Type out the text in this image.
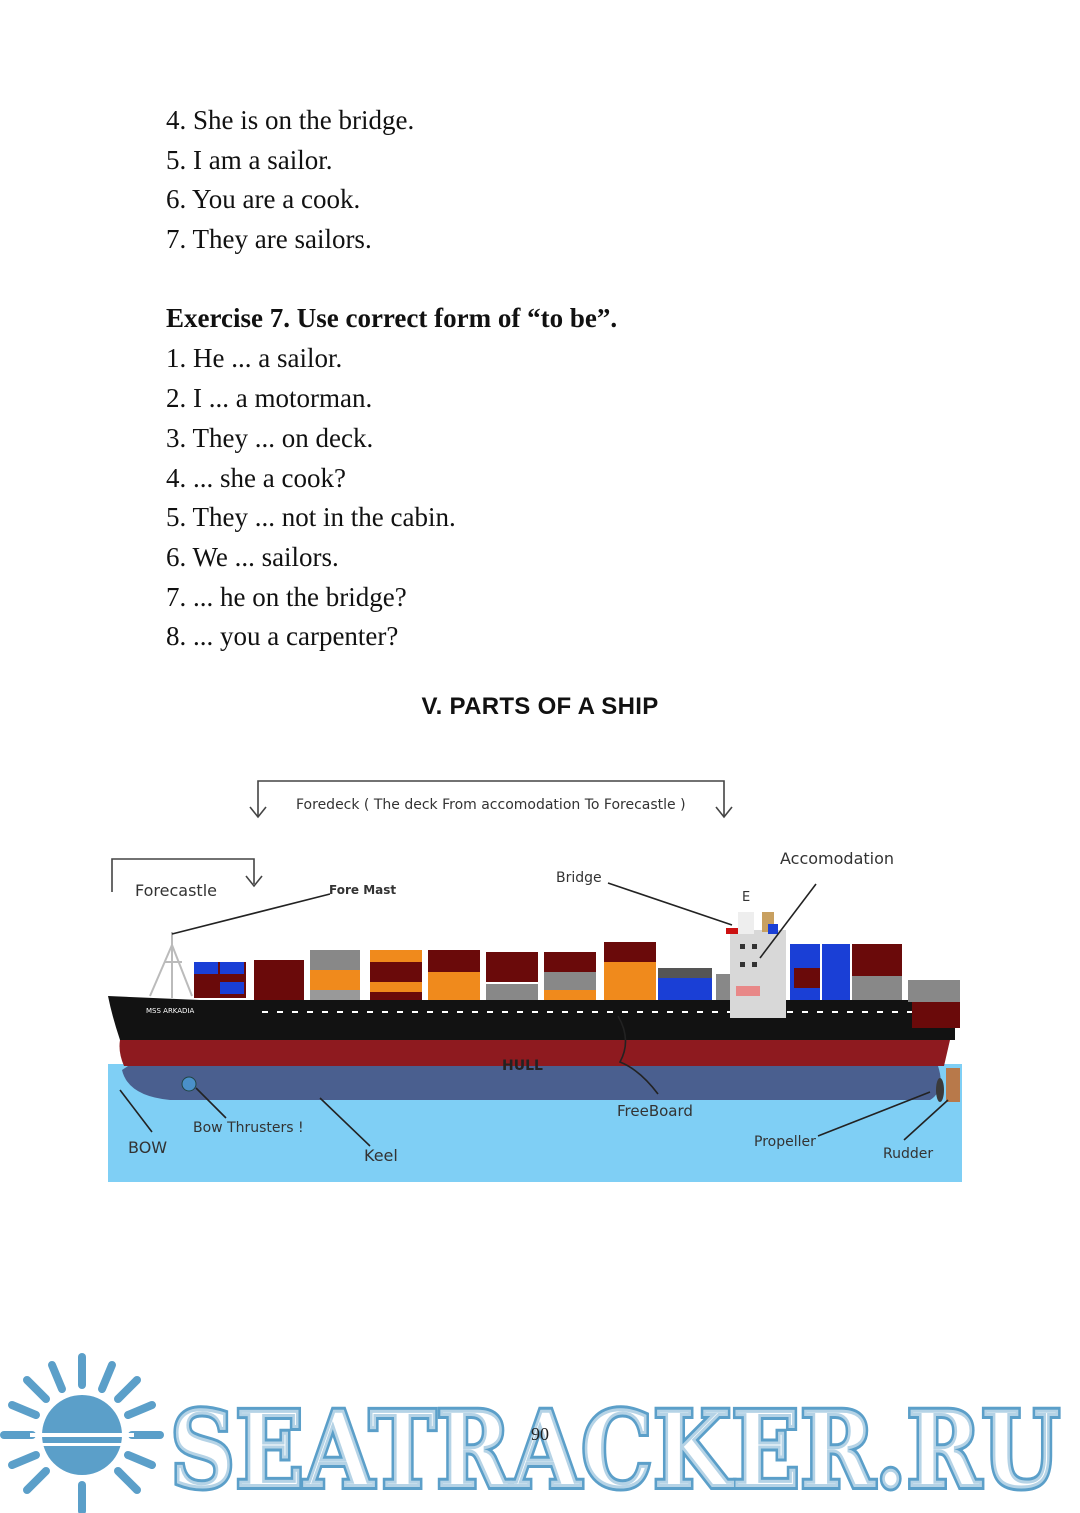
4. She is on the bridge.

5. I am a sailor.

6. You are a cook.

7. They are sailors.

Exercise 7. Use correct form of “to be”.

1. He ... a sailor.

2. I ... a motorman.

3. They ... on deck.

4. ... she a cook?

5. They ... not in the cabin.

6. We ... sailors.

7. ... he on the bridge?

8. ... you a carpenter?

V. PARTS OF A SHIP
Foredeck ( The deck From accomodation To Forecastle )
Forecastle	Fore Mast
Bridge
Accomodation
E
MSS ARKADIA
HULL
FreeBoard
Bow Thrusters !
BOW	Keel
Propeller
Rudder
SEATRACKER.RU
SEATRACKER.RU
90
